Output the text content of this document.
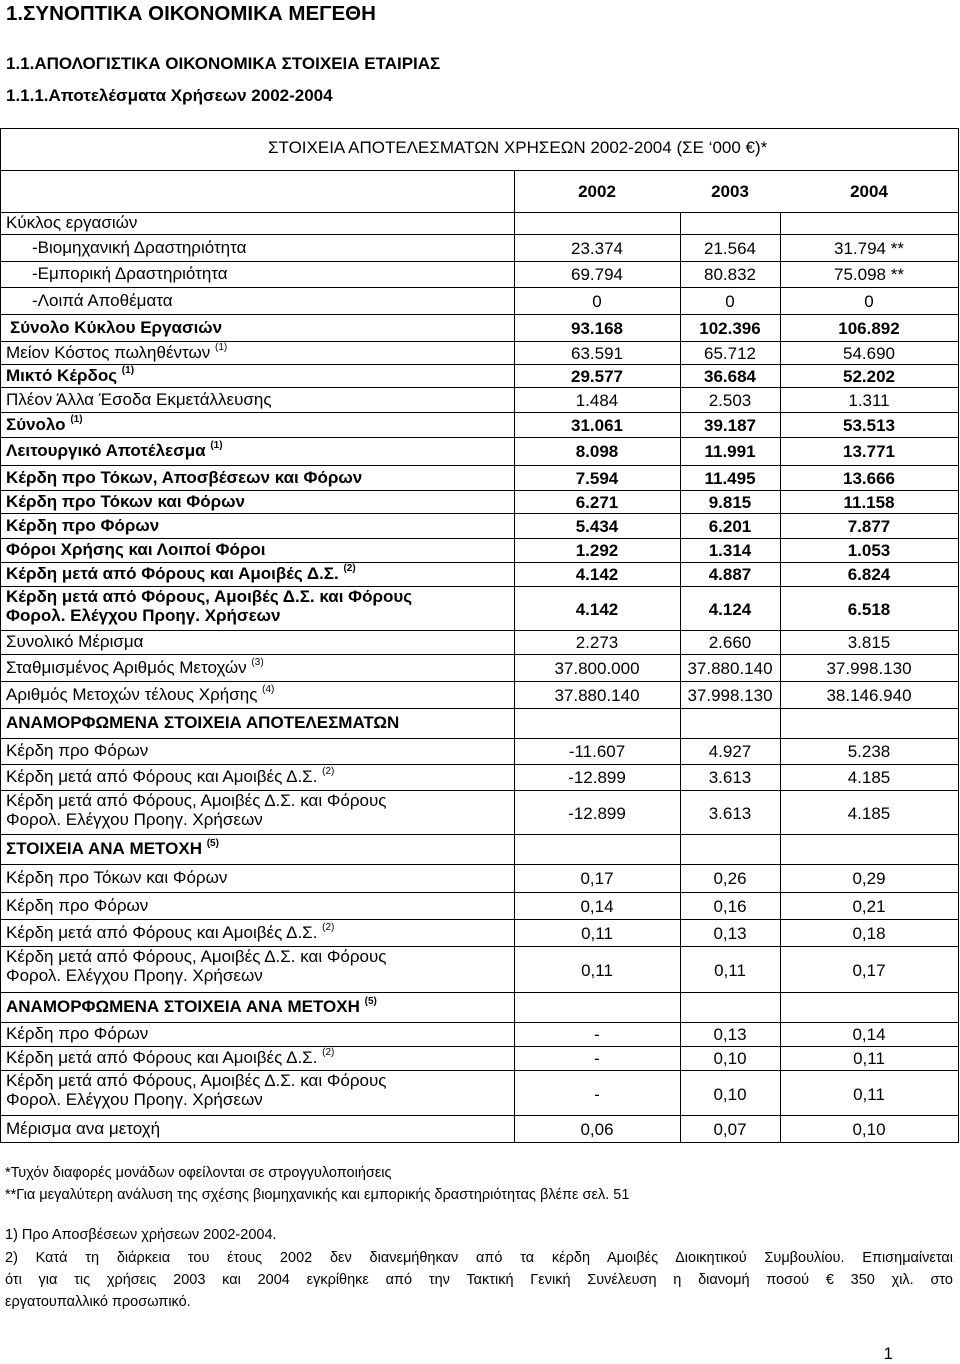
1.ΣΥΝΟΠΤΙΚΑ ΟΙΚΟΝΟΜΙΚΑ ΜΕΓΕΘΗ
1.1.ΑΠΟΛΟΓΙΣΤΙΚΑ ΟΙΚΟΝΟΜΙΚΑ ΣΤΟΙΧΕΙΑ ΕΤΑΙΡΙΑΣ
1.1.1.Αποτελέσματα Χρήσεων 2002-2004
ΣΤΟΙΧΕΙΑ ΑΠΟΤΕΛΕΣΜΑΤΩΝ ΧΡΗΣΕΩΝ 2002-2004 (ΣΕ ‘000 €)*
2002	2003	2004
Κύκλος εργασιών
-Βιομηχανική Δραστηριότητα	23.374	21.564	31.794 **
-Εμπορική Δραστηριότητα	69.794	80.832	75.098 **
-Λοιπά Αποθέματα	0	0	0
Σύνολο Κύκλου Εργασιών	93.168	102.396	106.892
Μείον Κόστος πωληθέντων $^{(1)}$	63.591	65.712	54.690
Μικτό Κέρδος $^{(1)}$	29.577	36.684	52.202
Πλέον Άλλα Έσοδα Εκμετάλλευσης	1.484	2.503	1.311
Σύνολο $^{(1)}$	31.061	39.187	53.513
Λειτουργικό Αποτέλεσμα $^{(1)}$	8.098	11.991	13.771
Κέρδη προ Τόκων, Αποσβέσεων και Φόρων	7.594	11.495	13.666
Κέρδη προ Τόκων και Φόρων	6.271	9.815	11.158
Κέρδη προ Φόρων	5.434	6.201	7.877
Φόροι Χρήσης και Λοιποί Φόροι	1.292	1.314	1.053
Κέρδη μετά από Φόρους και Αμοιβές Δ.Σ. $^{(2)}$	4.142	4.887	6.824
Κέρδη μετά από Φόρους, Αμοιβές Δ.Σ. και Φόρους
Φορολ. Ελέγχου Προηγ. Χρήσεων	4.142	4.124	6.518
Συνολικό Μέρισμα	2.273	2.660	3.815
Σταθμισμένος Αριθμός Μετοχών $^{(3)}$	37.800.000	37.880.140	37.998.130
Αριθμός Μετοχών τέλους Χρήσης $^{(4)}$	37.880.140	37.998.130	38.146.940
ΑΝΑΜΟΡΦΩΜΕΝΑ ΣΤΟΙΧΕΙΑ ΑΠΟΤΕΛΕΣΜΑΤΩΝ
Κέρδη προ Φόρων	-11.607	4.927	5.238
Κέρδη μετά από Φόρους και Αμοιβές Δ.Σ. $^{(2)}$	-12.899	3.613	4.185
Κέρδη μετά από Φόρους, Αμοιβές Δ.Σ. και Φόρους
Φορολ. Ελέγχου Προηγ. Χρήσεων	-12.899	3.613	4.185
ΣΤΟΙΧΕΙΑ ΑΝΑ ΜΕΤΟΧΗ $^{(5)}$
Κέρδη προ Τόκων και Φόρων	0,17	0,26	0,29
Κέρδη προ Φόρων	0,14	0,16	0,21
Κέρδη μετά από Φόρους και Αμοιβές Δ.Σ. $^{(2)}$	0,11	0,13	0,18
Κέρδη μετά από Φόρους, Αμοιβές Δ.Σ. και Φόρους
Φορολ. Ελέγχου Προηγ. Χρήσεων	0,11	0,11	0,17
ΑΝΑΜΟΡΦΩΜΕΝΑ ΣΤΟΙΧΕΙΑ ΑΝΑ ΜΕΤΟΧΗ $^{(5)}$
Κέρδη προ Φόρων	-	0,13	0,14
Κέρδη μετά από Φόρους και Αμοιβές Δ.Σ. $^{(2)}$	-	0,10	0,11
Κέρδη μετά από Φόρους, Αμοιβές Δ.Σ. και Φόρους
Φορολ. Ελέγχου Προηγ. Χρήσεων	-	0,10	0,11
Μέρισμα ανα μετοχή	0,06	0,07	0,10
*Τυχόν διαφορές μονάδων οφείλονται σε στρογγυλοποιήσεις
**Για μεγαλύτερη ανάλυση της σχέσης βιομηχανικής και εμπορικής δραστηριότητας βλέπε σελ. 51
1) Προ Αποσβέσεων χρήσεων 2002-2004.
2) Κατά τη διάρκεια του έτους 2002 δεν διανεμήθηκαν από τα κέρδη Αμοιβές Διοικητικού Συμβουλίου. Επισημαίνεται
ότι για τις χρήσεις 2003 και 2004 εγκρίθηκε από την Τακτική Γενική Συνέλευση η διανομή ποσού € 350 χιλ. στο
εργατουπαλλικό προσωπικό.
1
